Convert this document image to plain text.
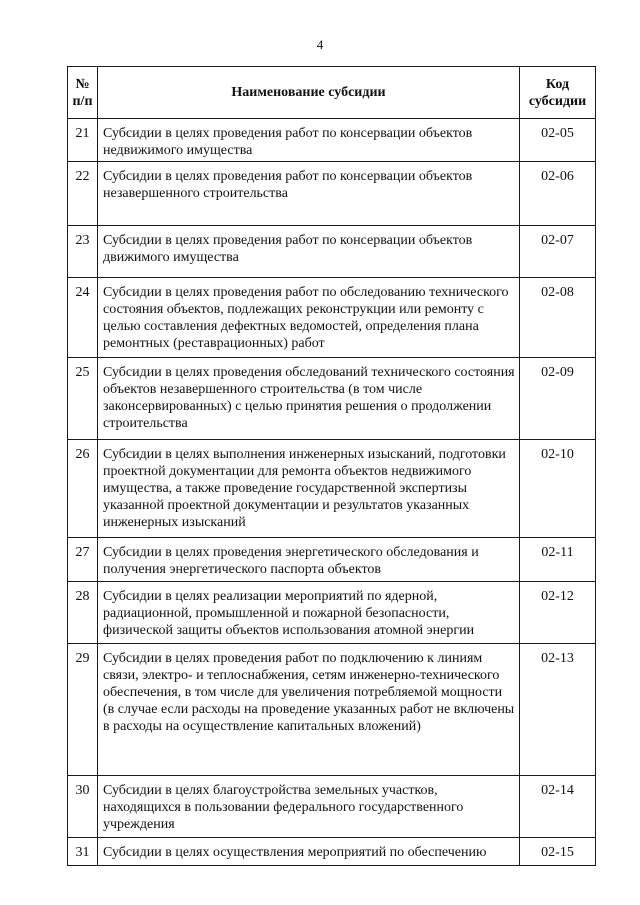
4
№ п/п	Наименование субсидии	Код субсидии
21	Субсидии в целях проведения работ по консервации объектов недвижимого имущества	02-05
22	Субсидии в целях проведения работ по консервации объектов незавершенного строительства	02-06
23	Субсидии в целях проведения работ по консервации объектов движимого имущества	02-07
24	Субсидии в целях проведения работ по обследованию технического состояния объектов, подлежащих реконструкции или ремонту с целью составления дефектных ведомостей, определения плана ремонтных (реставрационных) работ	02-08
25	Субсидии в целях проведения обследований технического состояния объектов незавершенного строительства (в том числе законсервированных) с целью принятия решения о продолжении строительства	02-09
26	Субсидии в целях выполнения инженерных изысканий, подготовки проектной документации для ремонта объектов недвижимого имущества, а также проведение государственной экспертизы указанной проектной документации и результатов указанных инженерных изысканий	02-10
27	Субсидии в целях проведения энергетического обследования и получения энергетического паспорта объектов	02-11
28	Субсидии в целях реализации мероприятий по ядерной, радиационной, промышленной и пожарной безопасности, физической защиты объектов использования атомной энергии	02-12
29	Субсидии в целях проведения работ по подключению к линиям связи, электро- и теплоснабжения, сетям инженерно-технического обеспечения, в том числе для увеличения потребляемой мощности (в случае если расходы на проведение указанных работ не включены в расходы на осуществление капитальных вложений)	02-13
30	Субсидии в целях благоустройства земельных участков, находящихся в пользовании федерального государственного учреждения	02-14
31	Субсидии в целях осуществления мероприятий по обеспечению	02-15
